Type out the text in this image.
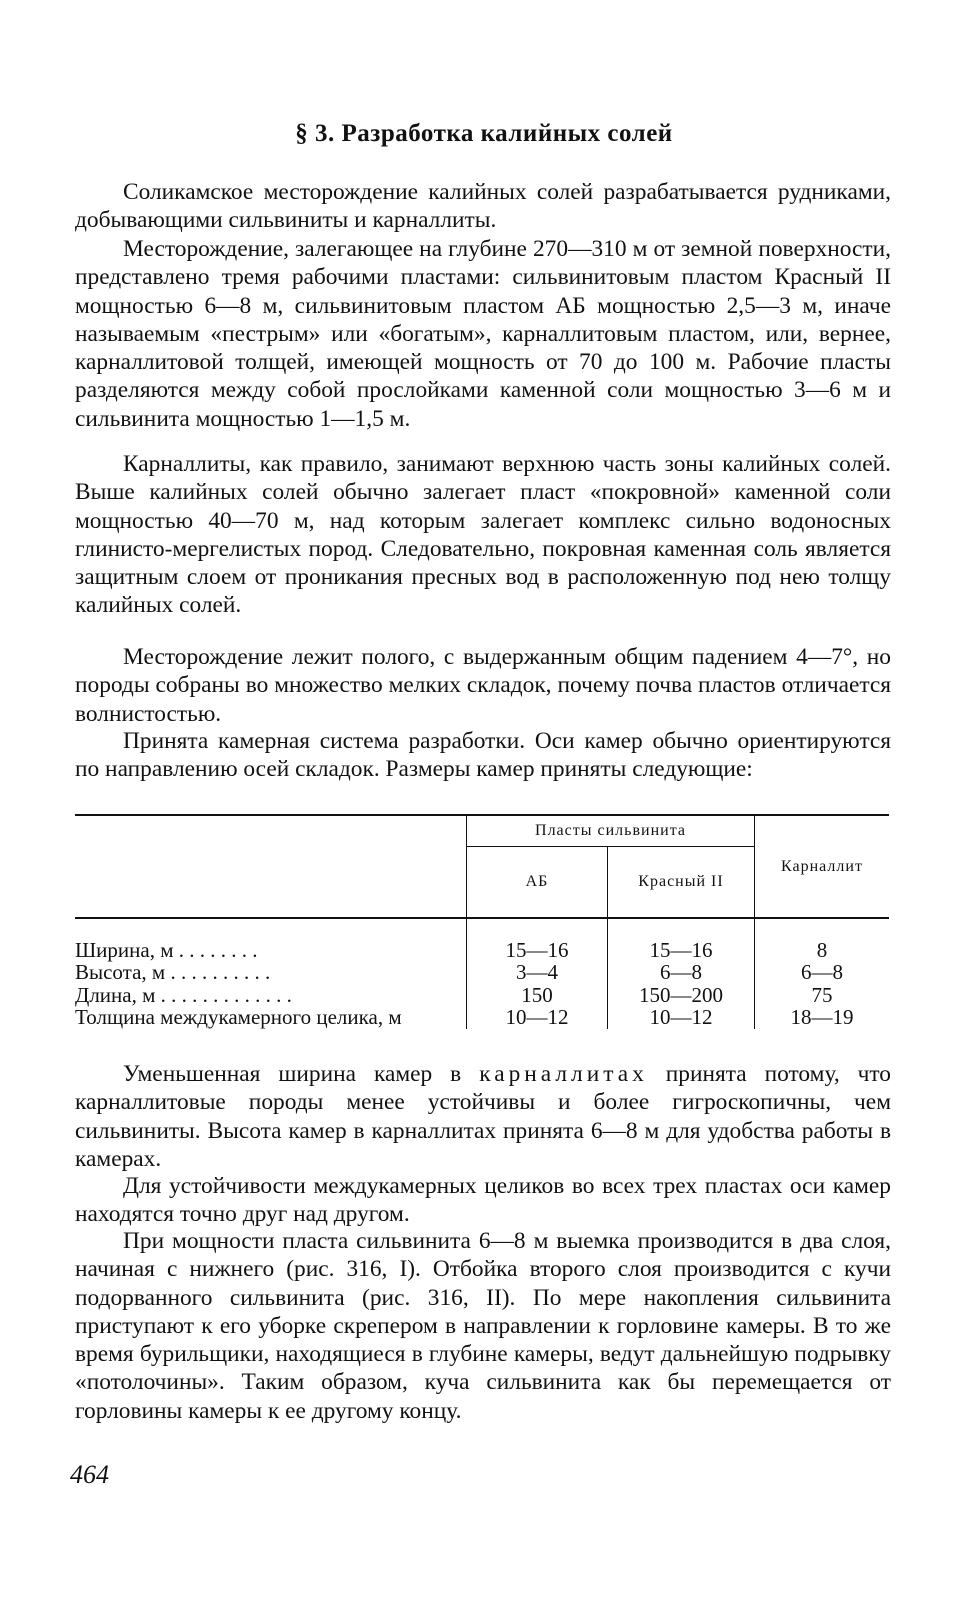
§ 3. Разработка калийных солей

Соликамское месторождение калийных солей разрабатывается рудниками, добывающими сильвиниты и карналлиты.

Месторождение, залегающее на глубине 270—310 м от земной поверхности, представлено тремя рабочими пластами: сильвинитовым пластом Красный II мощностью 6—8 м, сильвинитовым пластом АБ мощностью 2,5—3 м, иначе называемым «пестрым» или «богатым», карналлитовым пластом, или, вернее, карналлитовой толщей, имеющей мощность от 70 до 100 м. Рабочие пласты разделяются между собой прослойками каменной соли мощностью 3—6 м и сильвинита мощностью 1—1,5 м.

Карналлиты, как правило, занимают верхнюю часть зоны калийных солей. Выше калийных солей обычно залегает пласт «покровной» каменной соли мощностью 40—70 м, над которым залегает комплекс сильно водоносных глинисто-мергелистых пород. Следовательно, покровная каменная соль является защитным слоем от проникания пресных вод в расположенную под нею толщу калийных солей.

Месторождение лежит полого, с выдержанным общим падением 4—7°, но породы собраны во множество мелких складок, почему почва пластов отличается волнистостью.

Принята камерная система разработки. Оси камер обычно ориентируются по направлению осей складок. Размеры камер приняты следующие:

	Пласты сильвинита		Карналлит
	АБ	Красный II	

Ширина, м . . . . . . . .	15—16	15—16	8
Высота, м . . . . . . . . . .	3—4	6—8	6—8
Длина, м . . . . . . . . . . . . .	150	150—200	75
Толщина междукамерного целика, м	10—12	10—12	18—19

Уменьшенная ширина камер в карналлитах принята потому, что карналлитовые породы менее устойчивы и более гигроскопичны, чем сильвиниты. Высота камер в карналлитах принята 6—8 м для удобства работы в камерах.

Для устойчивости междукамерных целиков во всех трех пластах оси камер находятся точно друг над другом.

При мощности пласта сильвинита 6—8 м выемка производится в два слоя, начиная с нижнего (рис. 316, I). Отбойка второго слоя производится с кучи подорванного сильвинита (рис. 316, II). По мере накопления сильвинита приступают к его уборке скрепером в направлении к горловине камеры. В то же время бурильщики, находящиеся в глубине камеры, ведут дальнейшую подрывку «потолочины». Таким образом, куча сильвинита как бы перемещается от горловины камеры к ее другому концу.

464
